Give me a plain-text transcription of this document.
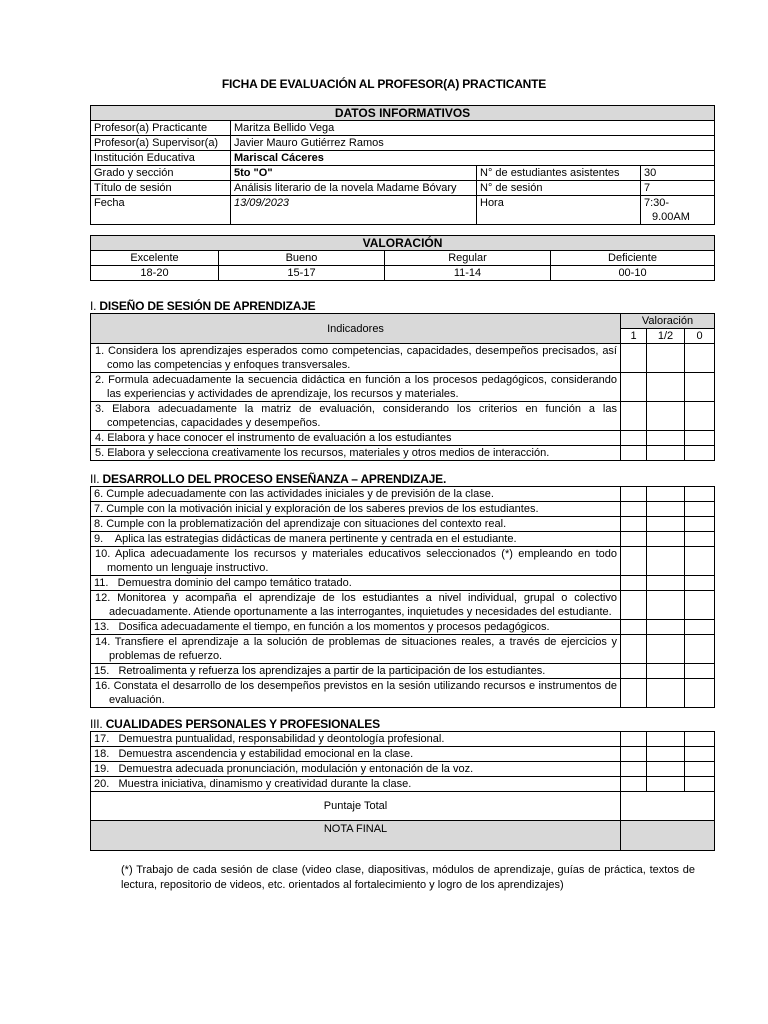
FICHA DE EVALUACIÓN AL PROFESOR(A) PRACTICANTE
DATOS INFORMATIVOS			
Profesor(a) Practicante	Maritza Bellido Vega		
Profesor(a) Supervisor(a)	Javier Mauro Gutiérrez Ramos		
Institución Educativa	Mariscal Cáceres		
Grado y sección	5to "O"	N° de estudiantes asistentes	30
Título de sesión	Análisis literario de la novela Madame Bóvary	N° de sesión	7
Fecha	13/09/2023	Hora	7:30-
9.00AM
VALORACIÓN			
Excelente	Bueno	Regular	Deficiente
18-20	15-17	11-14	00-10
I. DISEÑO DE SESIÓN DE APRENDIZAJE
Indicadores	Valoración		
	1	1/2	0
1. Considera los aprendizajes esperados como competencias, capacidades, desempeños precisados, así como las competencias y enfoques transversales.			
2. Formula adecuadamente la secuencia didáctica en función a los procesos pedagógicos, considerando las experiencias y actividades de aprendizaje, los recursos y materiales.			
3. Elabora adecuadamente la matriz de evaluación, considerando los criterios en función a las competencias, capacidades y desempeños.			
4. Elabora y hace conocer el instrumento de evaluación a los estudiantes			
5. Elabora y selecciona creativamente los recursos, materiales y otros medios de interacción.			
II. DESARROLLO DEL PROCESO ENSEÑANZA – APRENDIZAJE.
6. Cumple adecuadamente con las actividades iniciales y de previsión de la clase.			
7. Cumple con la motivación inicial y exploración de los saberes previos de los estudiantes.			
8. Cumple con la problematización del aprendizaje con situaciones del contexto real.			
9.    Aplica las estrategias didácticas de manera pertinente y centrada en el estudiante.			
10. Aplica adecuadamente los recursos y materiales educativos seleccionados (*) empleando en todo momento un lenguaje instructivo.			
11.   Demuestra dominio del campo temático tratado.			
12. Monitorea y acompaña el aprendizaje de los estudiantes a nivel individual, grupal o colectivo adecuadamente. Atiende oportunamente a las interrogantes, inquietudes y necesidades del estudiante.			
13.   Dosifica adecuadamente el tiempo, en función a los momentos y procesos pedagógicos.			
14. Transfiere el aprendizaje a la solución de problemas de situaciones reales, a través de ejercicios y problemas de refuerzo.			
15.   Retroalimenta y refuerza los aprendizajes a partir de la participación de los estudiantes.			
16. Constata el desarrollo de los desempeños previstos en la sesión utilizando recursos e instrumentos de evaluación.			
III. CUALIDADES PERSONALES Y PROFESIONALES
17.   Demuestra puntualidad, responsabilidad y deontología profesional.			
18.   Demuestra ascendencia y estabilidad emocional en la clase.			
19.   Demuestra adecuada pronunciación, modulación y entonación de la voz.			
20.   Muestra iniciativa, dinamismo y creatividad durante la clase.			
Puntaje Total			
NOTA FINAL			
(*) Trabajo de cada sesión de clase (video clase, diapositivas, módulos de aprendizaje, guías de práctica, textos de lectura, repositorio de videos, etc. orientados al fortalecimiento y logro de los aprendizajes)
